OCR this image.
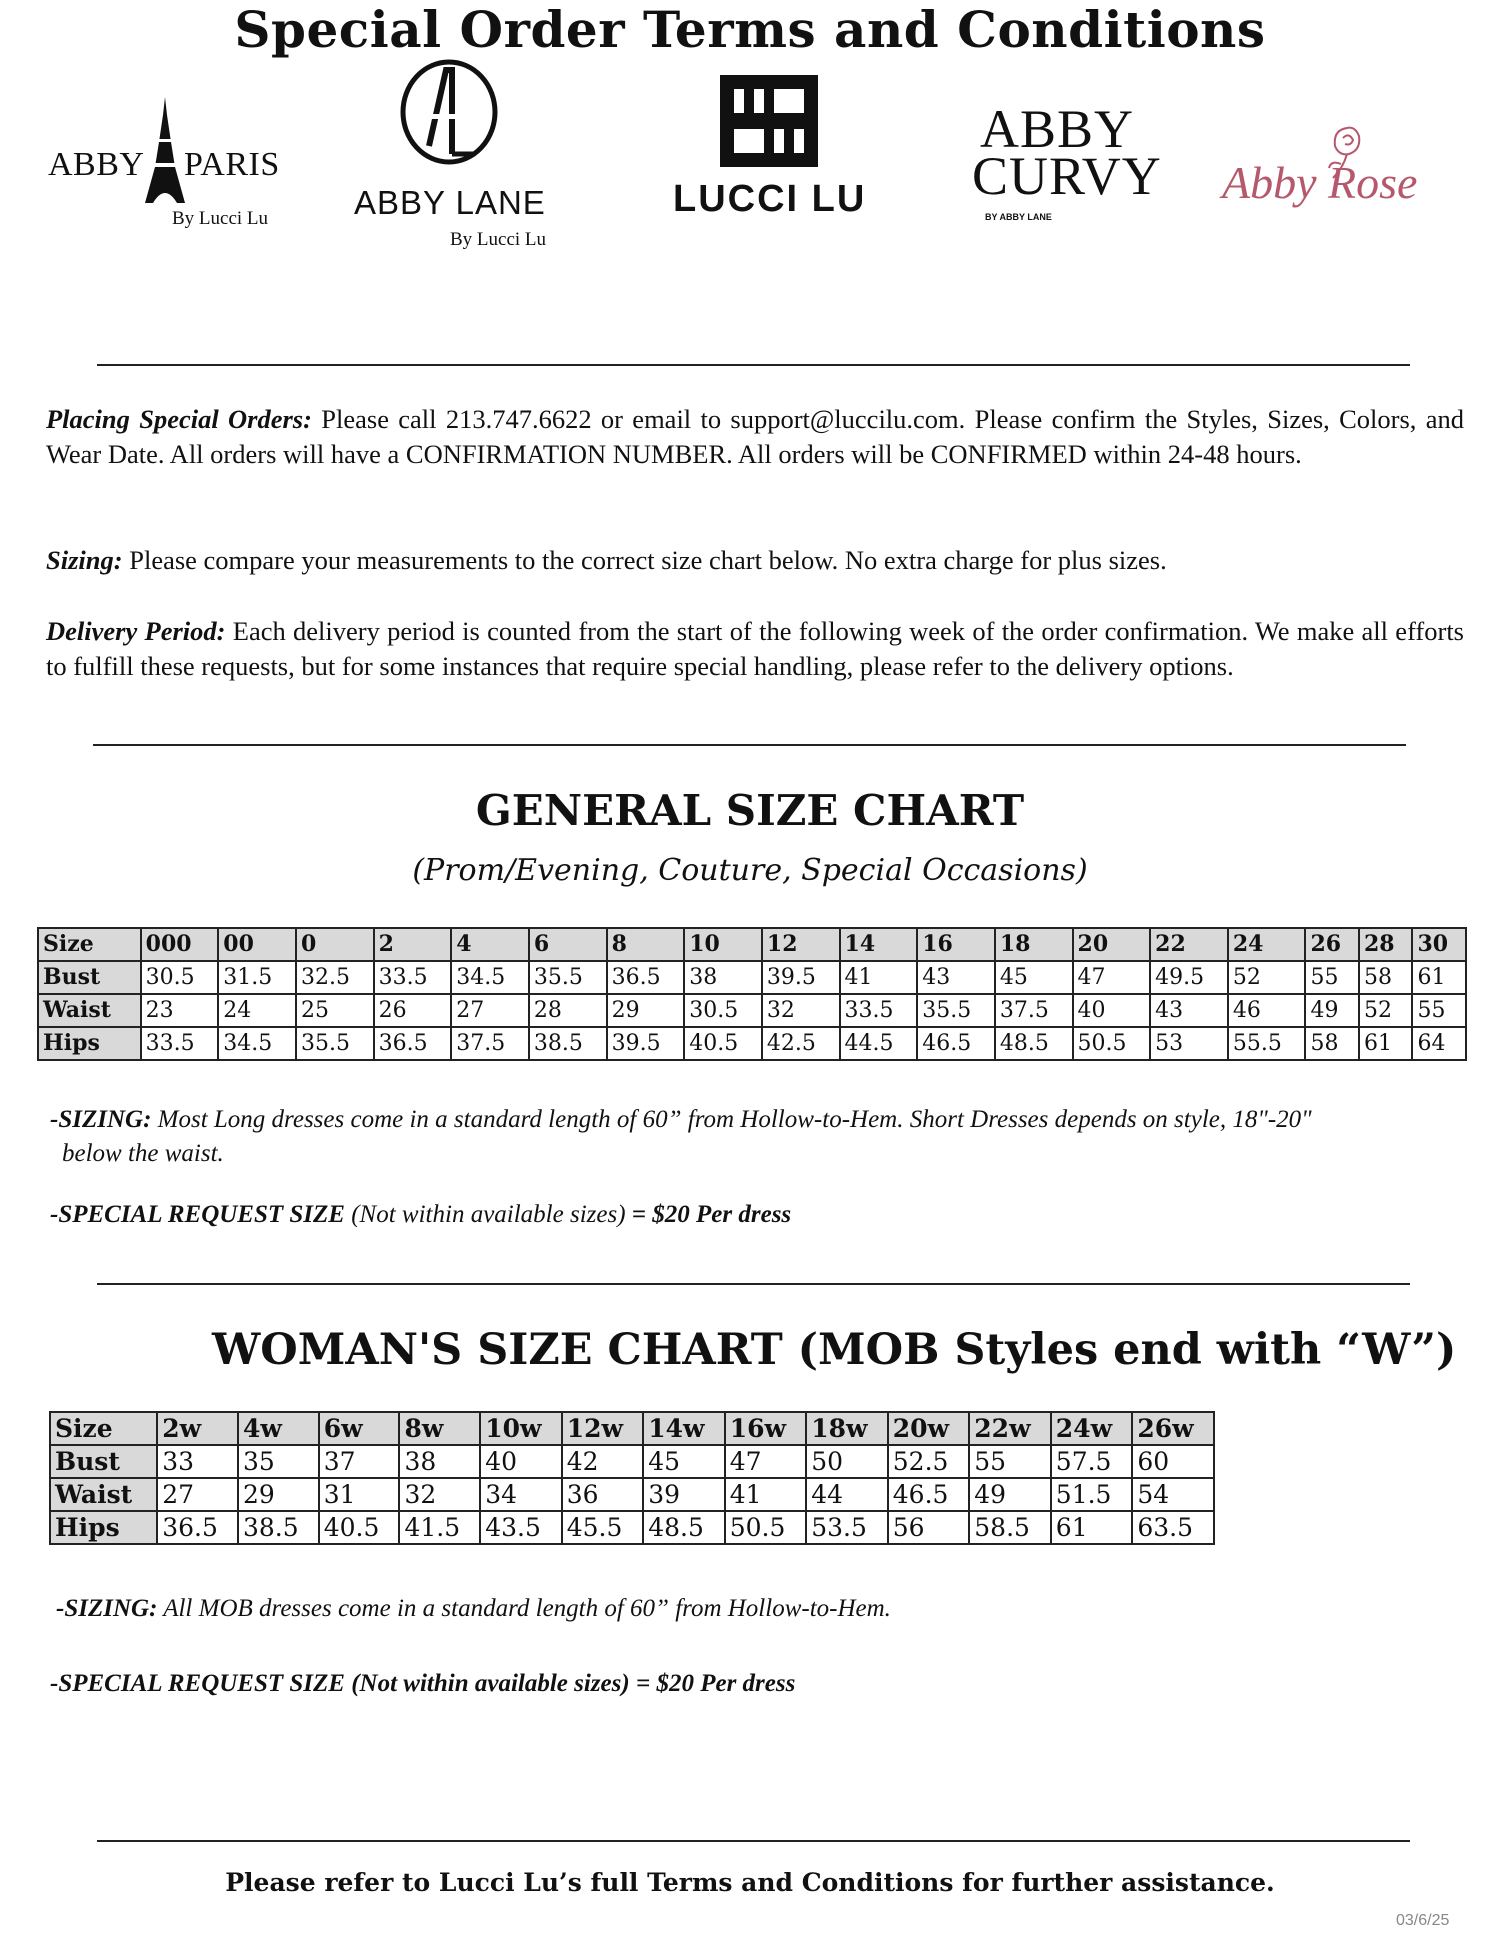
ABBY PARIS
By Lucci Lu	ABBY LANE
By Lucci Lu
LUCCI LU
ABBY
CURVY
BY ABBY LANE
Abby Rose
Special Order Terms and Conditions
Placing Special Orders: Please call 213.747.6622 or email to support@luccilu.com. Please confirm the Styles, Sizes, Colors, and Wear Date. All orders will have a CONFIRMATION NUMBER. All orders will be CONFIRMED within 24-48 hours.
Sizing: Please compare your measurements to the correct size chart below. No extra charge for plus sizes.
Delivery Period: Each delivery period is counted from the start of the following week of the order confirmation. We make all efforts to fulfill these requests, but for some instances that require special handling, please refer to the delivery options.
GENERAL SIZE CHART
(Prom/Evening, Couture, Special Occasions)
Size	000	00	0	2	4	6	8	10	12	14	16	18	20	22	24	26	28	30
Bust	30.5	31.5	32.5	33.5	34.5	35.5	36.5	38	39.5	41	43	45	47	49.5	52	55	58	61
Waist	23	24	25	26	27	28	29	30.5	32	33.5	35.5	37.5	40	43	46	49	52	55
Hips	33.5	34.5	35.5	36.5	37.5	38.5	39.5	40.5	42.5	44.5	46.5	48.5	50.5	53	55.5	58	61	64
-SIZING: Most Long dresses come in a standard length of 60” from Hollow-to-Hem. Short Dresses depends on style, 18"-20"
below the waist.
-SPECIAL REQUEST SIZE (Not within available sizes) = $20 Per dress
WOMAN'S SIZE CHART (MOB Styles end with “W”)
Size	2w	4w	6w	8w	10w	12w	14w	16w	18w	20w	22w	24w	26w
Bust	33	35	37	38	40	42	45	47	50	52.5	55	57.5	60
Waist	27	29	31	32	34	36	39	41	44	46.5	49	51.5	54
Hips	36.5	38.5	40.5	41.5	43.5	45.5	48.5	50.5	53.5	56	58.5	61	63.5
-SIZING: All MOB dresses come in a standard length of 60” from Hollow-to-Hem.
-SPECIAL REQUEST SIZE (Not within available sizes) = $20 Per dress
Please refer to Lucci Lu’s full Terms and Conditions for further assistance.
03/6/25
